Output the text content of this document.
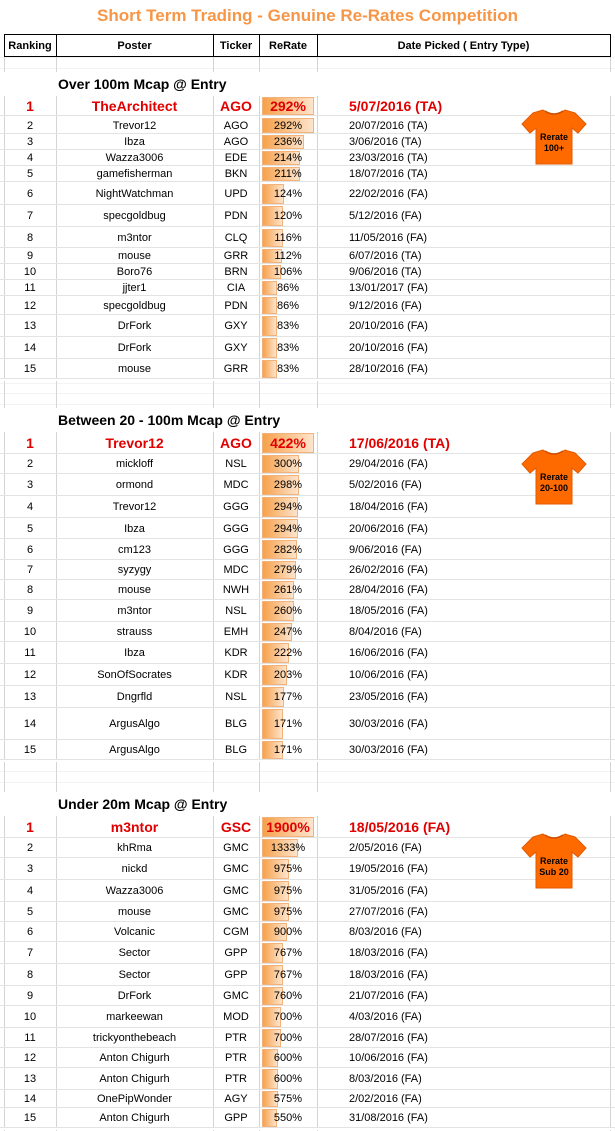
Short Term Trading - Genuine Re-Rates Competition
Ranking	Poster	Ticker	ReRate	Date Picked ( Entry Type)
Over 100m Mcap @ Entry
1	TheArchitect	AGO	292%	5/07/2016 (TA)
2	Trevor12	AGO	292%	20/07/2016 (TA)
3	Ibza	AGO	236%	3/06/2016 (TA)
4	Wazza3006	EDE	214%	23/03/2016 (TA)
5	gamefisherman	BKN	211%	18/07/2016 (TA)
6	NightWatchman	UPD	124%	22/02/2016 (FA)
7	specgoldbug	PDN	120%	5/12/2016 (FA)
8	m3ntor	CLQ	116%	11/05/2016 (FA)
9	mouse	GRR	112%	6/07/2016 (TA)
10	Boro76	BRN	106%	9/06/2016 (TA)
11	jjter1	CIA	86%	13/01/2017 (FA)
12	specgoldbug	PDN	86%	9/12/2016 (FA)
13	DrFork	GXY	83%	20/10/2016 (FA)
14	DrFork	GXY	83%	20/10/2016 (FA)
15	mouse	GRR	83%	28/10/2016 (FA)
Rerate
100+
Between 20 - 100m Mcap @ Entry
1	Trevor12	AGO	422%	17/06/2016 (TA)
2	mickloff	NSL	300%	29/04/2016 (FA)
3	ormond	MDC	298%	5/02/2016 (FA)
4	Trevor12	GGG	294%	18/04/2016 (FA)
5	Ibza	GGG	294%	20/06/2016 (FA)
6	cm123	GGG	282%	9/06/2016 (FA)
7	syzygy	MDC	279%	26/02/2016 (FA)
8	mouse	NWH	261%	28/04/2016 (FA)
9	m3ntor	NSL	260%	18/05/2016 (FA)
10	strauss	EMH	247%	8/04/2016 (FA)
11	Ibza	KDR	222%	16/06/2016 (FA)
12	SonOfSocrates	KDR	203%	10/06/2016 (FA)
13	Dngrfld	NSL	177%	23/05/2016 (FA)
14	ArgusAlgo	BLG	171%	30/03/2016 (FA)
15	ArgusAlgo	BLG	171%	30/03/2016 (FA)
Rerate
20-100
Under 20m Mcap @ Entry
1	m3ntor	GSC	1900%	18/05/2016 (FA)
2	khRma	GMC	1333%	2/05/2016 (FA)
3	nickd	GMC	975%	19/05/2016 (FA)
4	Wazza3006	GMC	975%	31/05/2016 (FA)
5	mouse	GMC	975%	27/07/2016 (FA)
6	Volcanic	CGM	900%	8/03/2016 (FA)
7	Sector	GPP	767%	18/03/2016 (FA)
8	Sector	GPP	767%	18/03/2016 (FA)
9	DrFork	GMC	760%	21/07/2016 (FA)
10	markeewan	MOD	700%	4/03/2016 (FA)
11	trickyonthebeach	PTR	700%	28/07/2016 (FA)
12	Anton Chigurh	PTR	600%	10/06/2016 (FA)
13	Anton Chigurh	PTR	600%	8/03/2016 (FA)
14	OnePipWonder	AGY	575%	2/02/2016 (FA)
15	Anton Chigurh	GPP	550%	31/08/2016 (FA)
Rerate
Sub 20
